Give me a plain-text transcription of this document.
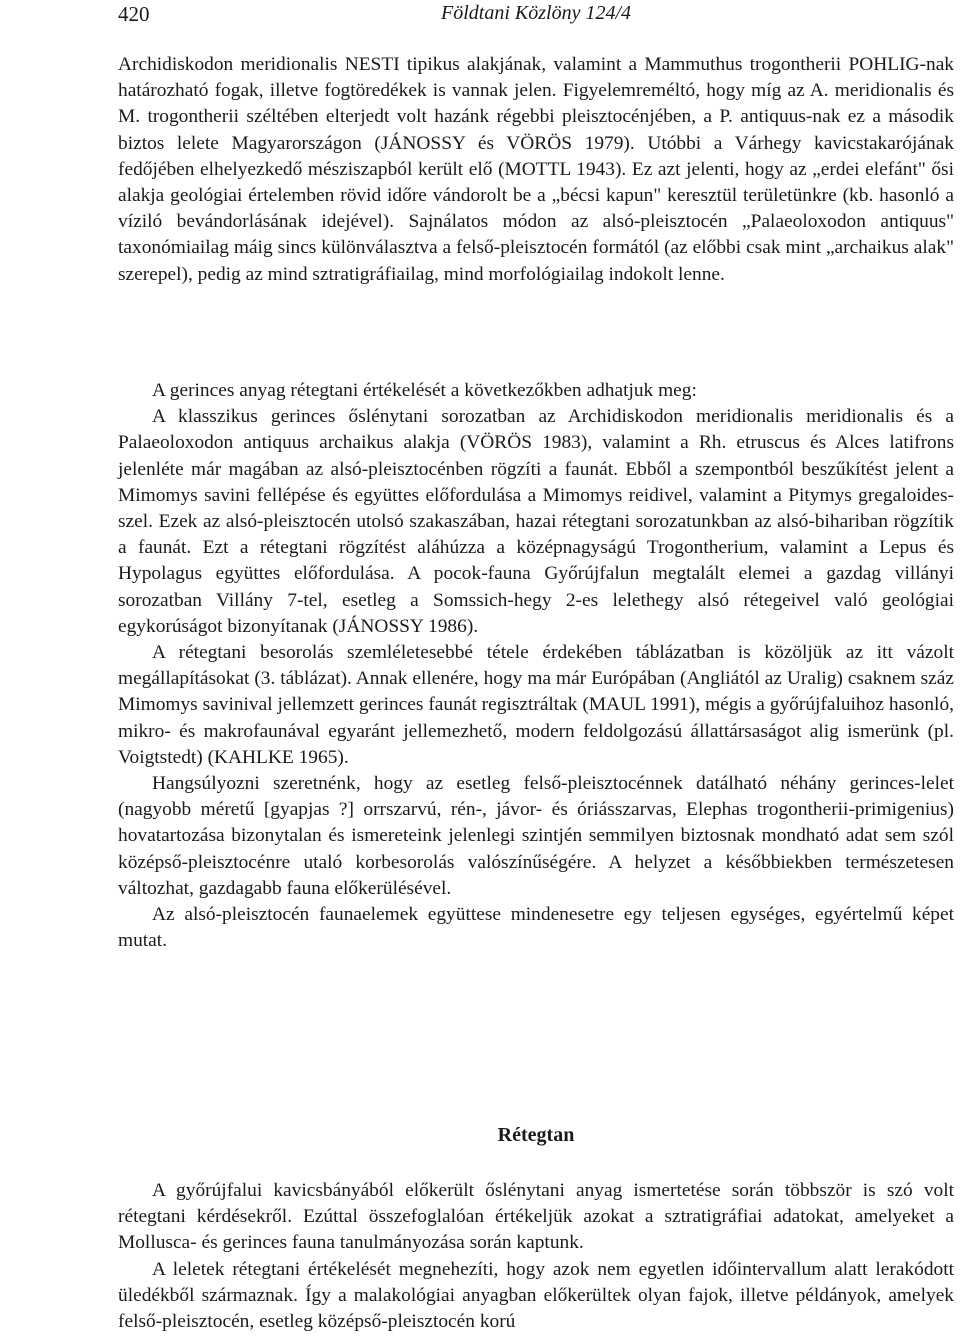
420	Földtani Közlöny 124/4

Archidiskodon meridionalis NESTI tipikus alakjának, valamint a Mammuthus trogontherii POHLIG-nak határozható fogak, illetve fogtöredékek is vannak jelen. Figyelemreméltó, hogy míg az A. meridionalis és M. trogontherii széltében elterjedt volt hazánk régebbi pleisztocénjében, a P. antiquus-nak ez a második biztos lelete Magyarországon (JÁNOSSY és VÖRÖS 1979). Utóbbi a Várhegy kavicstakarójának fedőjében elhelyezkedő mésziszapból került elő (MOTTL 1943). Ez azt jelenti, hogy az „erdei elefánt" ősi alakja geológiai értelemben rövid időre vándorolt be a „bécsi kapun" keresztül területünkre (kb. hasonló a víziló bevándorlásának idejével). Sajnálatos módon az alsó-pleisztocén „Palaeoloxodon antiquus" taxonómiailag máig sincs különválasztva a felső-pleisztocén formától (az előbbi csak mint „archaikus alak" szerepel), pedig az mind sztratigráfiailag, mind morfológiailag indokolt lenne.

A gerinces anyag rétegtani értékelését a következőkben adhatjuk meg:

A klasszikus gerinces őslénytani sorozatban az Archidiskodon meridionalis meridionalis és a Palaeoloxodon antiquus archaikus alakja (VÖRÖS 1983), valamint a Rh. etruscus és Alces latifrons jelenléte már magában az alsó-pleisztocénben rögzíti a faunát. Ebből a szempontból beszűkítést jelent a Mimomys savini fellépése és együttes előfordulása a Mimomys reidivel, valamint a Pitymys gregaloides-szel. Ezek az alsó-pleisztocén utolsó szakaszában, hazai rétegtani sorozatunkban az alsó-bihariban rögzítik a faunát. Ezt a rétegtani rögzítést aláhúzza a középnagyságú Trogontherium, valamint a Lepus és Hypolagus együttes előfordulása. A pocok-fauna Győrújfalun megtalált elemei a gazdag villányi sorozatban Villány 7-tel, esetleg a Somssich-hegy 2-es lelethegy alsó rétegeivel való geológiai egykorúságot bizonyítanak (JÁNOSSY 1986).

A rétegtani besorolás szemléletesebbé tétele érdekében táblázatban is közöljük az itt vázolt megállapításokat (3. táblázat). Annak ellenére, hogy ma már Európában (Angliától az Uralig) csaknem száz Mimomys savinival jellemzett gerinces faunát regisztráltak (MAUL 1991), mégis a győrújfaluihoz hasonló, mikro- és makrofaunával egyaránt jellemezhető, modern feldolgozású állattársaságot alig ismerünk (pl. Voigtstedt) (KAHLKE 1965).

Hangsúlyozni szeretnénk, hogy az esetleg felső-pleisztocénnek datálható néhány gerinces-lelet (nagyobb méretű [gyapjas ?] orrszarvú, rén-, jávor- és óriásszarvas, Elephas trogontherii-primigenius) hovatartozása bizonytalan és ismereteink jelenlegi szintjén semmilyen biztosnak mondható adat sem szól középső-pleisztocénre utaló korbesorolás valószínűségére. A helyzet a későbbiekben természetesen változhat, gazdagabb fauna előkerülésével.

Az alsó-pleisztocén faunaelemek együttese mindenesetre egy teljesen egységes, egyértelmű képet mutat.

Rétegtan

A győrújfalui kavicsbányából előkerült őslénytani anyag ismertetése során többször is szó volt rétegtani kérdésekről. Ezúttal összefoglalóan értékeljük azokat a sztratigráfiai adatokat, amelyeket a Mollusca- és gerinces fauna tanulmányozása során kaptunk.

A leletek rétegtani értékelését megnehezíti, hogy azok nem egyetlen időintervallum alatt lerakódott üledékből származnak. Így a malakológiai anyagban előkerültek olyan fajok, illetve példányok, amelyek felső-pleisztocén, esetleg középső-pleisztocén korú
